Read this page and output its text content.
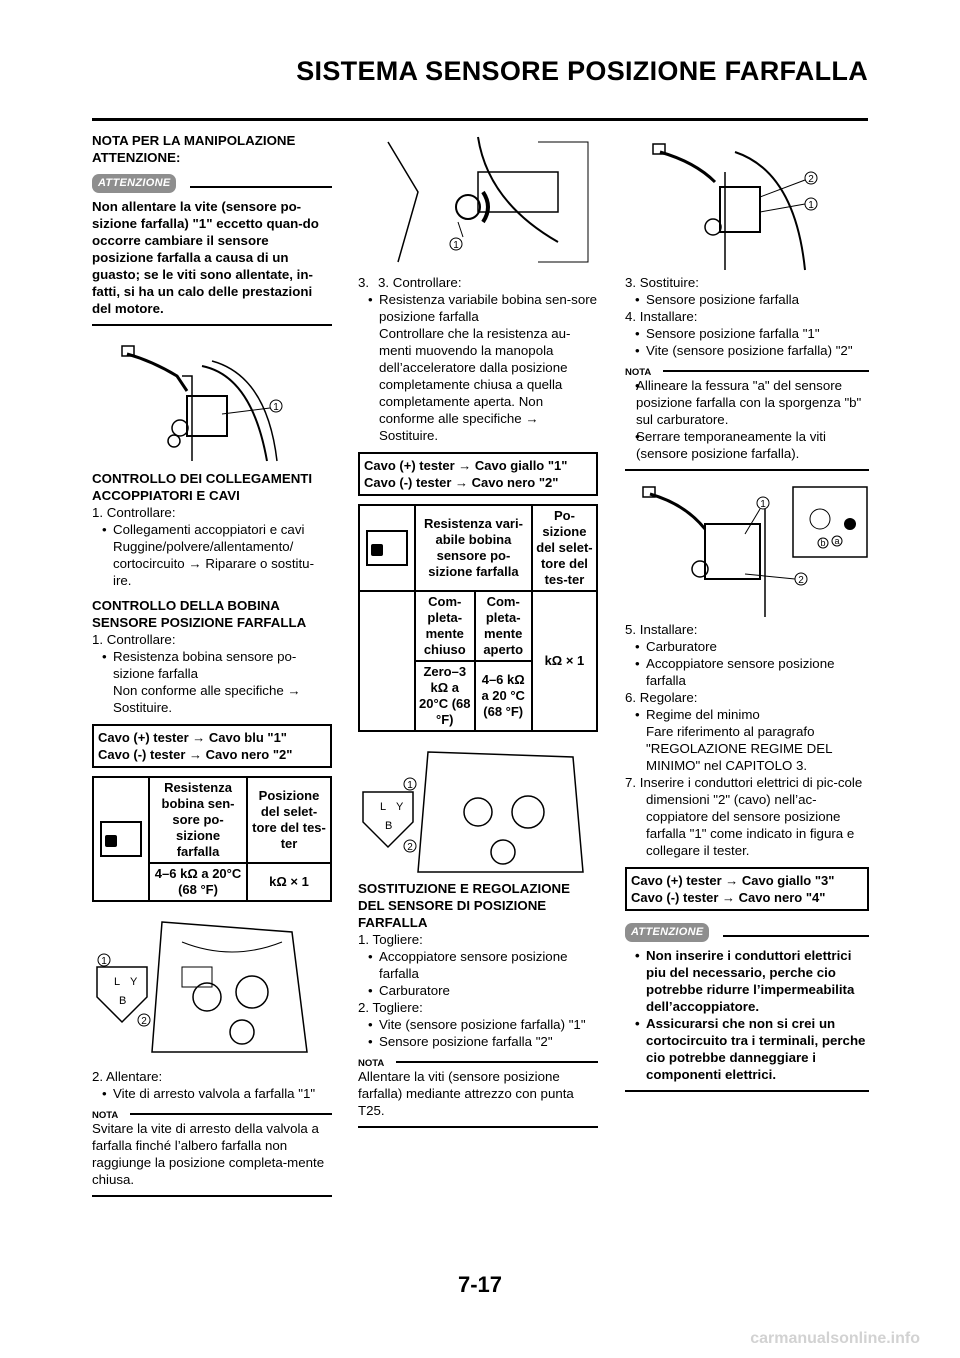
SISTEMA SENSORE POSIZIONE FARFALLA

NOTA PER LA MANIPOLAZIONE

ATTENZIONE:

ATTENZIONE

Non allentare la vite (sensore po-sizione farfalla) "1" eccetto quan-do occorre cambiare il sensore posizione farfalla a causa di un guasto; se le viti sono allentate, in-fatti, si ha un calo delle prestazioni del motore.

1

CONTROLLO DEI COLLEGAMENTI ACCOPPIATORI E CAVI

1. Controllare:

• Collegamenti accoppiatori e cavi

Ruggine/polvere/allentamento/ cortocircuito → Riparare o sostitu-ire.

CONTROLLO DELLA BOBINA SENSORE POSIZIONE FARFALLA

1. Controllare:

• Resistenza bobina sensore po-sizione farfalla

Non conforme alle specifiche → Sostituire.

Cavo (+) tester → Cavo blu "1"
Cavo (-) tester → Cavo nero "2"
	Resistenza bobina sen-sore po-sizione farfalla	Posizione del selet-tore del tes-ter
	4–6 kΩ a 20°C (68 °F)	kΩ × 1
L Y
B
1
2

2. Allentare:

• Vite di arresto valvola a farfalla "1"

NOTA

Svitare la vite di arresto della valvola a farfalla finché l’albero farfalla non raggiunge la posizione completa-mente chiusa.

1

3. 3. Controllare:

• Resistenza variabile bobina sen-sore posizione farfalla

Controllare che la resistenza au-menti muovendo la manopola dell’acceleratore dalla posizione completamente chiusa a quella completamente aperta. Non conforme alle specifiche → Sostituire.

Cavo (+) tester → Cavo giallo "1"
Cavo (-) tester → Cavo nero "2"
	Resistenza vari-abile bobina sensore po-sizione farfalla		Po-sizione del selet-tore del tes-ter
	Com-pleta-mente chiuso	Com-pleta-mente aperto	kΩ × 1
	Zero–3 kΩ a 20°C (68 °F)	4–6 kΩ a 20 °C (68 °F)	
L Y
B
1
2

SOSTITUZIONE E REGOLAZIONE DEL SENSORE DI POSIZIONE FARFALLA

1. Togliere:

• Accoppiatore sensore posizione farfalla

• Carburatore

2. Togliere:

• Vite (sensore posizione farfalla) "1"

• Sensore posizione farfalla "2"

NOTA

Allentare la viti (sensore posizione farfalla) mediante attrezzo con punta T25.

2
1

3. Sostituire:

• Sensore posizione farfalla

4. Installare:

• Sensore posizione farfalla "1"

• Vite (sensore posizione farfalla) "2"

NOTA

• Allineare la fessura "a" del sensore posizione farfalla con la sporgenza "b" sul carburatore.

• Serrare temporaneamente la viti (sensore posizione farfalla).

1
2
b a

5. Installare:

• Carburatore

• Accoppiatore sensore posizione farfalla

6. Regolare:

• Regime del minimo

Fare riferimento al paragrafo "REGOLAZIONE REGIME DEL MINIMO" nel CAPITOLO 3.

7. Inserire i conduttori elettrici di pic-cole dimensioni "2" (cavo) nell’ac-coppiatore del sensore posizione farfalla "1" come indicato in figura e collegare il tester.

Cavo (+) tester → Cavo giallo "3"
Cavo (-) tester → Cavo nero "4"
ATTENZIONE

• Non inserire i conduttori elettrici piu del necessario, perche cio potrebbe ridurre l’impermeabilita dell’accoppiatore.

• Assicurarsi che non si crei un cortocircuito tra i terminali, perche cio potrebbe danneggiare i componenti elettrici.

7-17
carmanualsonline.info
